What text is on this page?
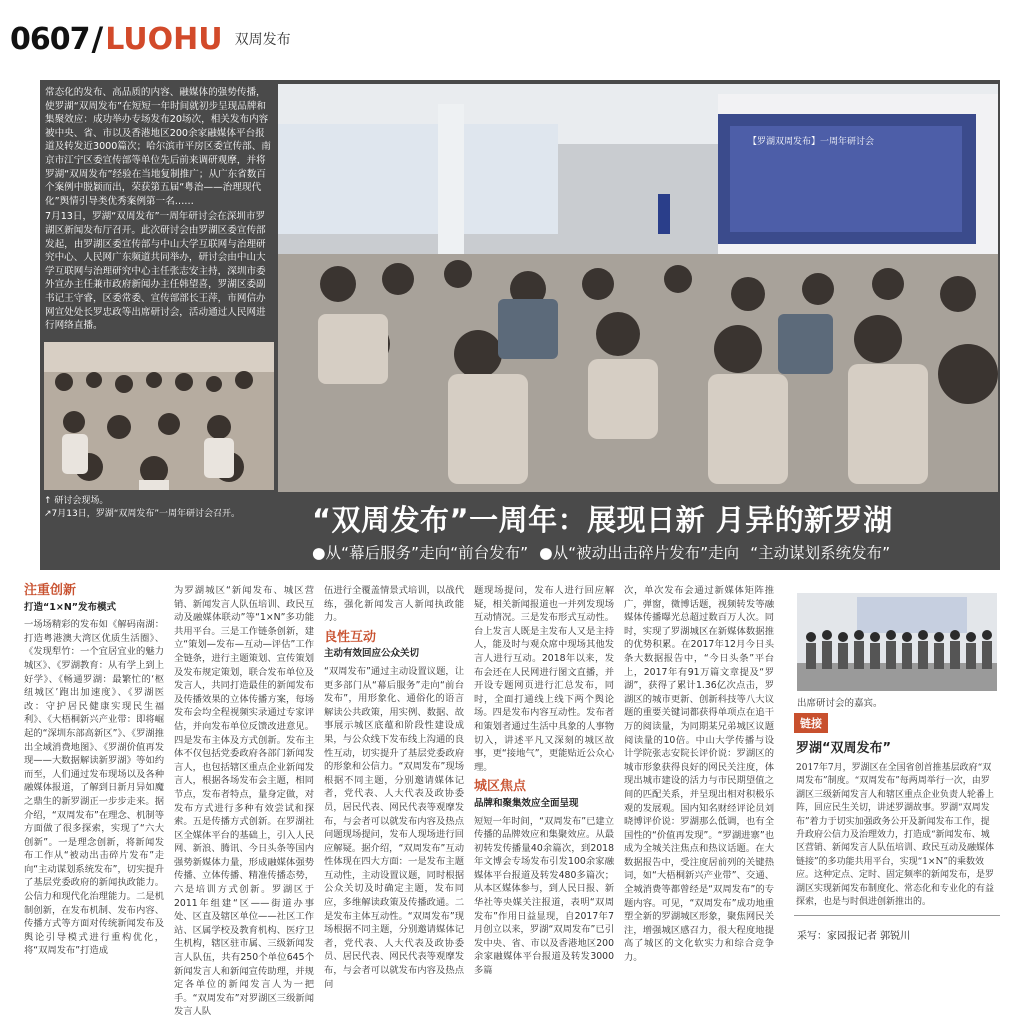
0607 / LUOHU 双周发布

常态化的发布、高品质的内容、融媒体的强势传播，使罗湖“双周发布”在短短一年时间就初步呈现品牌和集聚效应：成功举办专场发布20场次，相关发布内容被中央、省、市以及香港地区200余家融媒体平台报道及转发近3000篇次；哈尔滨市平房区委宣传部、南京市江宁区委宣传部等单位先后前来调研观摩，并将罗湖“双周发布”经验在当地复制推广；从广东省数百个案例中脱颖而出，荣获第五届“粤治——治理现代化”舆情引导类优秀案例第一名……

7月13日，罗湖“双周发布”一周年研讨会在深圳市罗湖区新闻发布厅召开。此次研讨会由罗湖区委宣传部发起，由罗湖区委宣传部与中山大学互联网与治理研究中心、人民网广东频道共同举办，研讨会由中山大学互联网与治理研究中心主任张志安主持，深圳市委外宣办主任兼市政府新闻办主任韩望喜，罗湖区委副书记王守睿，区委常委、宣传部部长王萍，市网信办网宣处处长罗忠政等出席研讨会，活动通过人民网进行网络直播。

【罗湖双周发布】一周年研讨会
↑ 研讨会现场。
↗7月13日，罗湖“双周发布”一周年研讨会召开。	“双周发布”一周年：展现日新 月异的新罗湖
●从“幕后服务”走向“前台发布” ●从“被动出击碎片发布”走向 “主动谋划系统发布”
注重创新
打造“1×N”发布模式
一场场精彩的发布如《解码南湖：打造粤港澳大湾区优质生活圈》、《发现犁竹：一个宜居宜业的魅力城区》、《罗湖教育：从有学上到上好学》、《畅通罗湖：最繁忙的‘枢纽城区’跑出加速度》、《罗湖医改：守护居民健康实现民生福利》、《大梧桐新兴产业带：即将崛起的“深圳东部高新区”》、《罗湖推出全域消费地图》、《罗湖价值再发现——大数据解读新罗湖》等如约而至，人们通过发布现场以及各种融媒体报道，了解到日新月异如魔之鼎生的新罗湖正一步步走来。据介绍，“双周发布”在理念、机制等方面做了很多探索，实现了“六大创新”。一是理念创新，将新闻发布工作从“被动出击碎片发布”走向“主动谋划系统发布”，切实提升了基层党委政府的新闻执政能力。公信力和现代化治理能力。二是机制创新，在发布机制、发布内容、传播方式等方面对传统新闻发布及舆论引导模式进行重构优化，将“双周发布”打造成
为罗湖城区“新闻发布、城区营销、新闻发言人队伍培训、政民互动及融媒体联动”等“1×N”多功能共用平台。三是工作链条创新，建立“策划—发布—互动—评估”工作全链条，进行主题策划、宣传策划及发布规定策划，联合发布单位及发言人，共同打造最佳的新闻发布及传播效果的立体传播方案，每场发布会均全程视频实录通过专家评估，并向发布单位反馈改进意见。四是发布主体及方式创新。发布主体不仅包括党委政府各部门新闻发言人，也包括辖区重点企业新闻发言人，根据各场发布会主题，相同节点，发布者特点，量身定做，对发布方式进行多种有效尝试和探索。五是传播方式创新。在罗湖社区全媒体平台的基础上，引入人民网、新浪、腾讯、今日头条等国内强势新媒体力量，形成融媒体强势传播、立体传播、精准传播态势，六是培训方式创新。罗湖区于2011年组建“区——街道办事处、区直及辖区单位——社区工作站、区属学校及教育机构、医疗卫生机构，辖区驻市属、三级新闻发言人队伍，共有250个单位645个新闻发言人和新闻宣传助理，并规定各单位的新闻发言人为一把手。“双周发布”对罗湖区三级新闻发言人队
伍进行全覆盖情景式培训，以战代练，强化新闻发言人新闻执政能力。
良性互动
主动有效回应公众关切
“双周发布”通过主动设置议题，让更多部门从“幕后服务”走向“前台发布”，用形象化、通俗化的语言解读公共政策，用实例、数据、故事展示城区底蕴和阶段性建设成果，与公众线下发布线上沟通的良性互动，切实提升了基层党委政府的形象和公信力。“双周发布”现场根据不同主题，分别邀请媒体记者，党代表、人大代表及政协委员，居民代表、网民代表等观摩发布，与会者可以就发布内容及热点问题现场提问，发布人现场进行回应解疑。据介绍，“双周发布”互动性体现在四大方面：一是发布主题互动性，主动设置议题，同时根据公众关切及时确定主题，发布同应，多维解读政策及传播政通。二是发布主体互动性。“双周发布”现场根据不同主题，分别邀请媒体记者，党代表、人大代表及政协委员、居民代表、网民代表等观摩发布，与会者可以就发布内容及热点问
题现场提问，发布人进行回应解疑，相关新闻报道也一并列发现场互动情况。三是发布形式互动性。台上发言人既是主发布人又是主持人，能及时与观众席中现场其他发言人进行互动。2018年以来，发布会还在人民网进行图文直播，并开设专题网页进行汇总发布，同时，全面打通线上线下两个舆论场。四是发布内容互动性。发布者和策划者通过生活中具象的人事物切入，讲述平凡又深刻的城区故事，更“接地气”，更能贴近公众心理。
城区焦点
品牌和聚集效应全面呈现
短短一年时间，“双周发布”已建立传播的品牌效应和集聚效应。从最初转发传播量40余篇次，到2018年文博会专场发布引发100余家融媒体平台报道及转发480多篇次；从本区媒体参与，到人民日报、新华社等央媒关注报道，表明“双周发布”作用日益显现，自2017年7月创立以来，罗湖“双周发布”已引发中央、省、市以及香港地区200余家融媒体平台报道及转发3000多篇
次，单次发布会通过新媒体矩阵推广，弹窗，微博话题，视频转发等融媒体传播曝光总超过数百万人次。同时，实现了罗湖城区在新媒体数据推的优势积累。在2017年12月今日头条大数据报告中，“今日头条”平台上，2017年有91万篇文章提及“罗湖”，获得了累计1.36亿次点击，罗湖区的城市更新、创新科技等八大议题的重要关键词都获得单项点在追干万的阅读量，为同期某兄弟城区议题阅读量的10倍。中山大学传播与设计学院张志安院长评价说：罗湖区的城市形象获得良好的网民关注度，体现出城市建设的活力与市民期望值之间的匹配关系，并呈现出相对积极乐观的发展观。国内知名财经评论员刘晓博评价说：罗湖那么低调，也有全国性的“价值再发现”。“罗湖进寨”也成为全城关注焦点和热议话题。在大数据报告中，受注度居前列的关键热词，如“大梧桐新兴产业带”、交通、全城消费等都曾经是“双周发布”的专题内容。可见，“双周发布”成功地重塑全新的罗湖城区形象，聚焦网民关注，增强城区感召力，很大程度地提高了城区的文化软实力和综合竞争力。
出席研讨会的嘉宾。
链接
罗湖“双周发布”
2017年7月，罗湖区在全国省创首推基层政府“双周发布”制度。“双周发布”每两周举行一次，由罗湖区三级新闻发言人和辖区重点企业负责人轮番上阵，回应民生关切，讲述罗湖故事。罗湖“双周发布”着力于切实加强政务公开及新闻发布工作，提升政府公信力及治理效力，打造成“新闻发布、城区营销、新闻发言人队伍培训、政民互动及融媒体链接”的多功能共用平台，实现“1×N”的乘数效应。这种定点、定时、固定频率的新闻发布，是罗湖区实现新闻发布制度化、常态化和专业化的有益探索，也是与时俱进创新推出的。
采写：家园报记者 郭锐川
